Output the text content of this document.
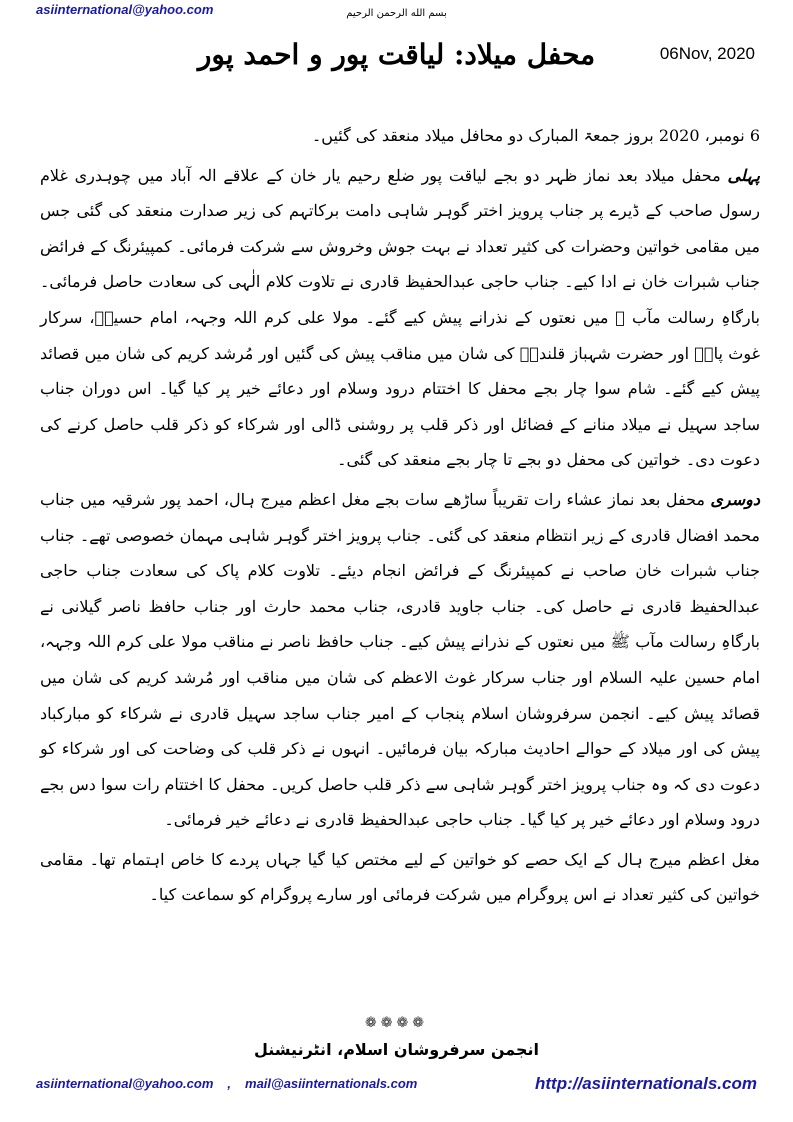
asiinternational@yahoo.com	بسم الله الرحمن الرحیم
06Nov, 2020
محفل میلاد: لیاقت پور و احمد پور

6 نومبر، 2020 بروز جمعۃ المبارک دو محافل میلاد منعقد کی گئیں۔

پہلی محفل میلاد بعد نماز ظہر دو بجے لیاقت پور ضلع رحیم یار خان کے علاقے الہ آباد میں چوہدری غلام رسول صاحب کے ڈیرے پر جناب پرویز اختر گوہر شاہی دامت برکاتہم کی زیر صدارت منعقد کی گئی جس میں مقامی خواتین وحضرات کی کثیر تعداد نے بہت جوش وخروش سے شرکت فرمائی۔ کمپیئرنگ کے فرائض جناب شبرات خان نے ادا کیے۔ جناب حاجی عبدالحفیظ قادری نے تلاوت کلام الٰہی کی سعادت حاصل فرمائی۔ بارگاہِ رسالت مآب ﷺ میں نعتوں کے نذرانے پیش کیے گئے۔ مولا علی کرم اللہ وجہہ، امام حسینؑ، سرکار غوث پاکؒ اور حضرت شہباز قلندرؒ کی شان میں مناقب پیش کی گئیں اور مُرشد کریم کی شان میں قصائد پیش کیے گئے۔ شام سوا چار بجے محفل کا اختتام درود وسلام اور دعائے خیر پر کیا گیا۔ اس دوران جناب ساجد سہیل نے میلاد منانے کے فضائل اور ذکر قلب پر روشنی ڈالی اور شرکاء کو ذکر قلب حاصل کرنے کی دعوت دی۔ خواتین کی محفل دو بجے تا چار بجے منعقد کی گئی۔

دوسری محفل بعد نماز عشاء رات تقریباً ساڑھے سات بجے مغل اعظم میرج ہال، احمد پور شرقیہ میں جناب محمد افضال قادری کے زیر انتظام منعقد کی گئی۔ جناب پرویز اختر گوہر شاہی مہمان خصوصی تھے۔ جناب جناب شبرات خان صاحب نے کمپیئرنگ کے فرائض انجام دیئے۔ تلاوت کلام پاک کی سعادت جناب حاجی عبدالحفیظ قادری نے حاصل کی۔ جناب جاوید قادری، جناب محمد حارث اور جناب حافظ ناصر گیلانی نے بارگاہِ رسالت مآب ﷺ میں نعتوں کے نذرانے پیش کیے۔ جناب حافظ ناصر نے مناقب مولا علی کرم اللہ وجہہ، امام حسین علیہ السلام اور جناب سرکار غوث الاعظم کی شان میں مناقب اور مُرشد کریم کی شان میں قصائد پیش کیے۔ انجمن سرفروشان اسلام پنجاب کے امیر جناب ساجد سہیل قادری نے شرکاء کو مبارکباد پیش کی اور میلاد کے حوالے احادیث مبارکہ بیان فرمائیں۔ انہوں نے ذکر قلب کی وضاحت کی اور شرکاء کو دعوت دی کہ وہ جناب پرویز اختر گوہر شاہی سے ذکر قلب حاصل کریں۔ محفل کا اختتام رات سوا دس بجے درود وسلام اور دعائے خیر پر کیا گیا۔ جناب حاجی عبدالحفیظ قادری نے دعائے خیر فرمائی۔

مغل اعظم میرج ہال کے ایک حصے کو خواتین کے لیے مختص کیا گیا جہاں پردے کا خاص اہتمام تھا۔ مقامی خواتین کی کثیر تعداد نے اس پروگرام میں شرکت فرمائی اور سارے پروگرام کو سماعت کیا۔

❁❁❁❁
انجمن سرفروشان اسلام، انٹرنیشنل
asiinternational@yahoo.com , mail@asiinternationals.com	http://asiinternationals.com
